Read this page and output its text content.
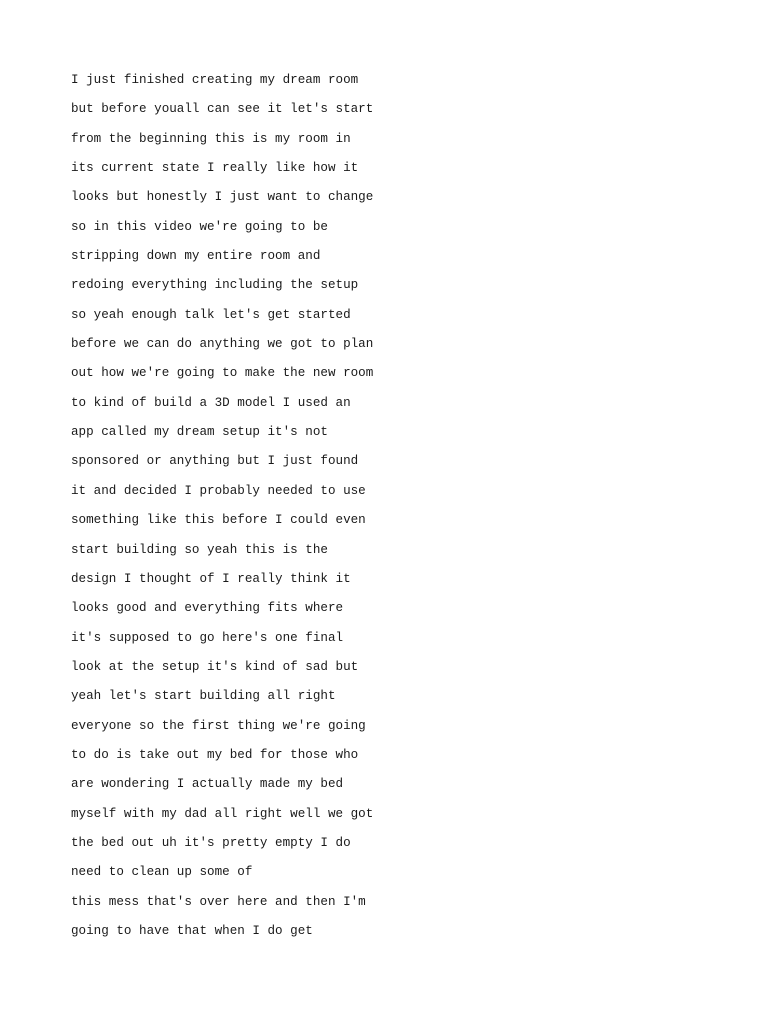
I just finished creating my dream room
but before youall can see it let's start
from the beginning this is my room in
its current state I really like how it
looks but honestly I just want to change
so in this video we're going to be
stripping down my entire room and
redoing everything including the setup
so yeah enough talk let's get started
before we can do anything we got to plan
out how we're going to make the new room
to kind of build a 3D model I used an
app called my dream setup it's not
sponsored or anything but I just found
it and decided I probably needed to use
something like this before I could even
start building so yeah this is the
design I thought of I really think it
looks good and everything fits where
it's supposed to go here's one final
look at the setup it's kind of sad but
yeah let's start building all right
everyone so the first thing we're going
to do is take out my bed for those who
are wondering I actually made my bed
myself with my dad all right well we got
the bed out uh it's pretty empty I do
need to clean up some of
this mess that's over here and then I'm
going to have that when I do get
